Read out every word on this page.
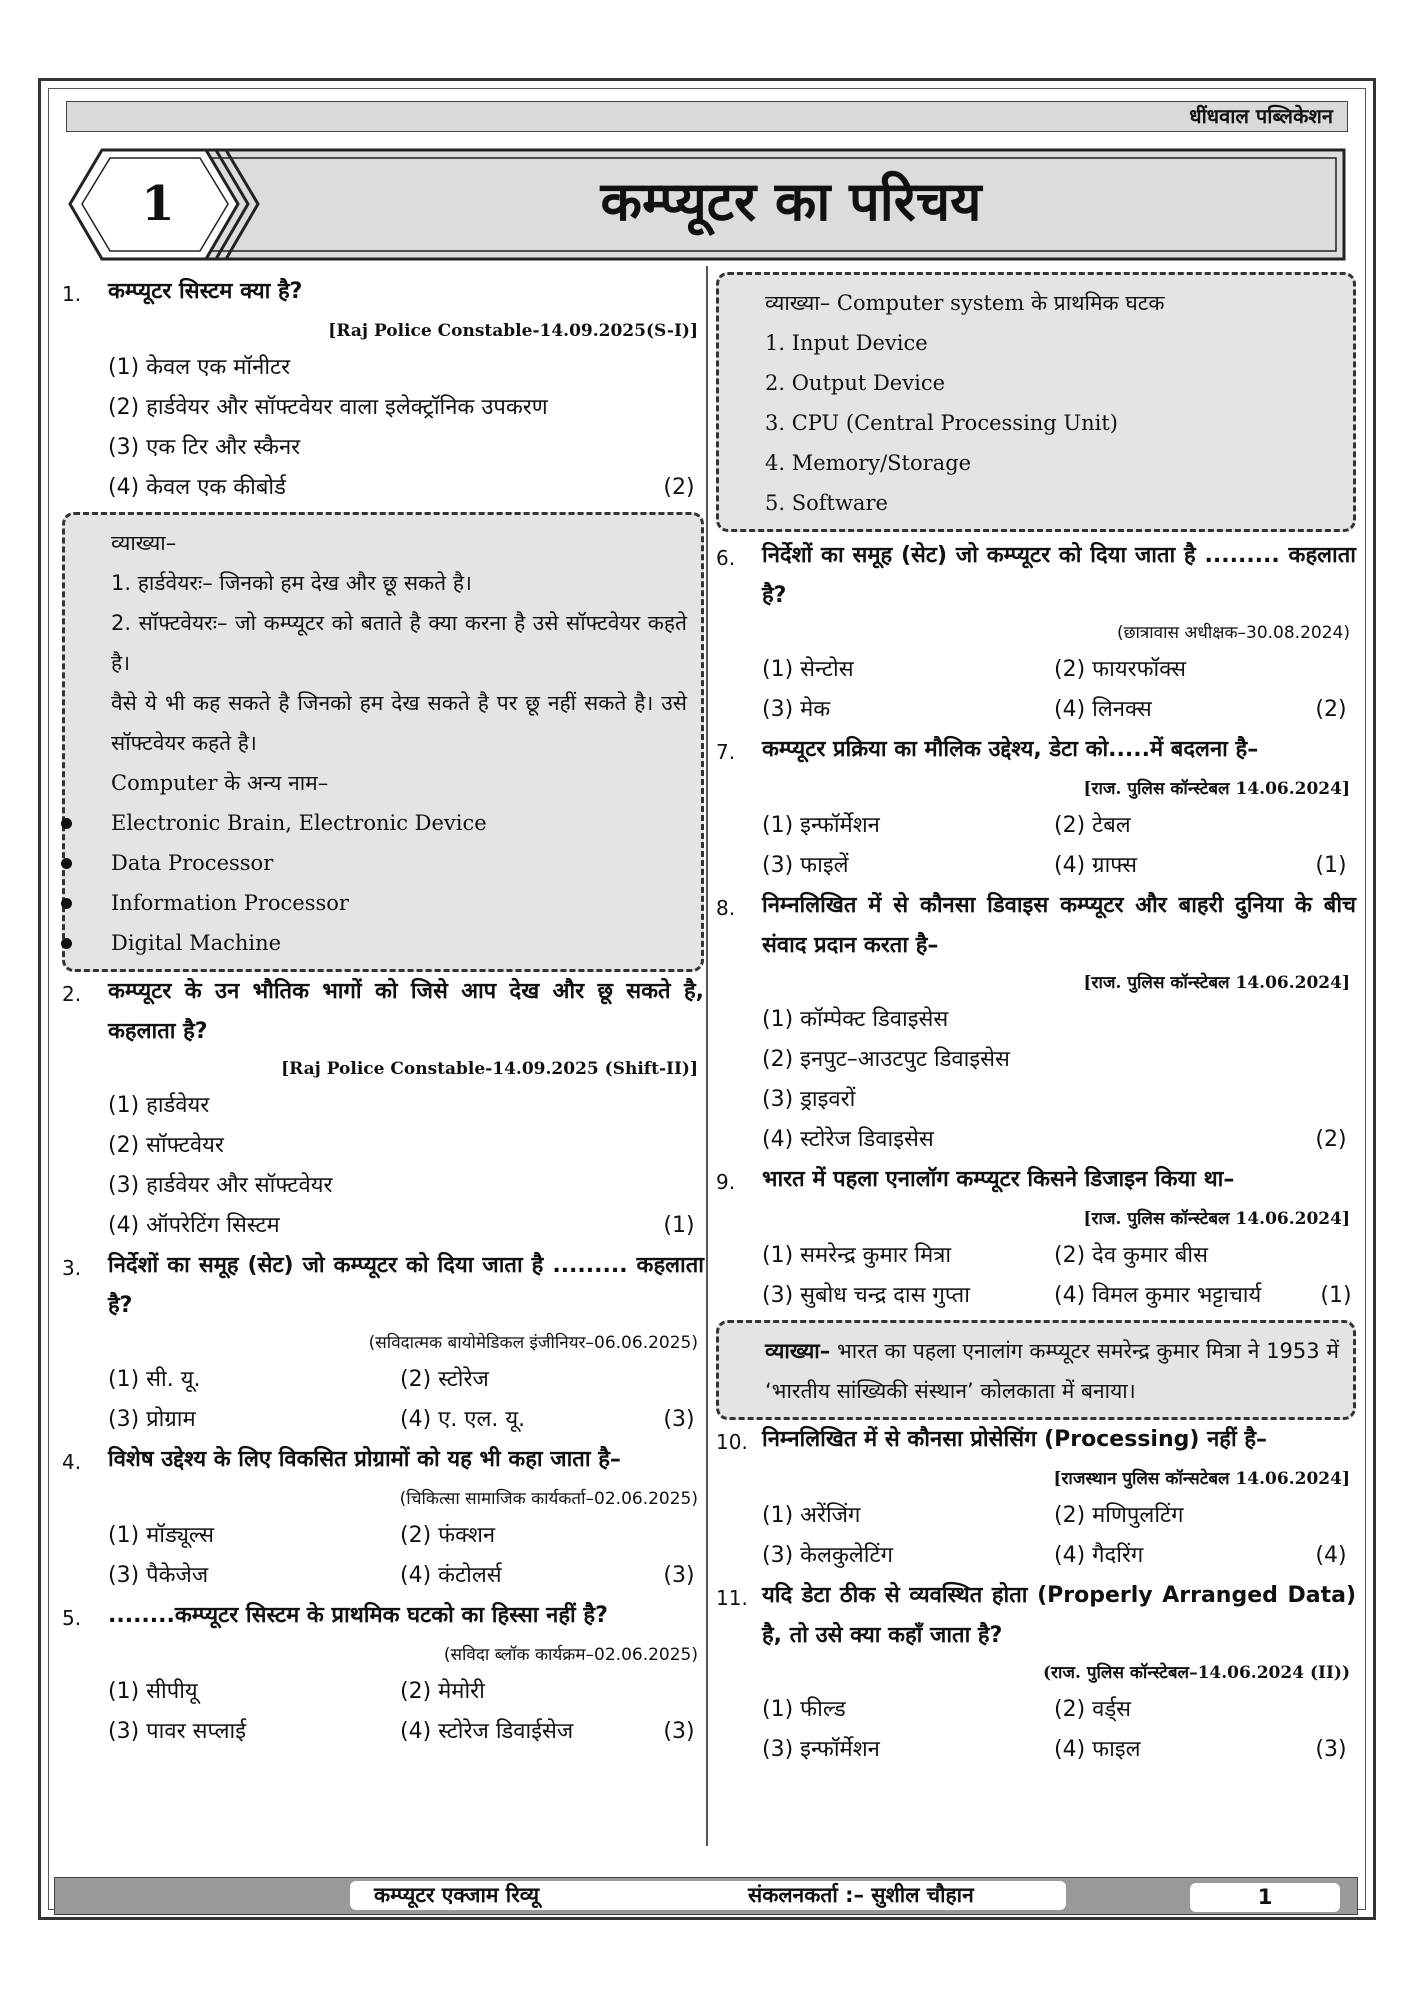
धींधवाल पब्लिकेशन
1	कम्प्यूटर का परिचय
1.	कम्प्यूटर सिस्टम क्या है?
[Raj Police Constable-14.09.2025(S-I)]
(1) केवल एक मॉनीटर
(2) हार्डवेयर और सॉफ्टवेयर वाला इलेक्ट्रॉनिक उपकरण
(3) एक टिर और स्कैनर
(4) केवल एक कीबोर्ड	(2)
व्याख्या–
1. हार्डवेयरः– जिनको हम देख और छू सकते है।
2. सॉफ्टवेयरः– जो कम्प्यूटर को बताते है क्या करना है उसे सॉफ्टवेयर कहते है।
वैसे ये भी कह सकते है जिनको हम देख सकते है पर छू नहीं सकते है। उसे सॉफ्टवेयर कहते है।
Computer के अन्य नाम–
Electronic Brain, Electronic Device
Data Processor
Information Processor
Digital Machine
2.	कम्प्यूटर के उन भौतिक भागों को जिसे आप देख और छू सकते है, कहलाता है?
[Raj Police Constable-14.09.2025 (Shift-II)]
(1) हार्डवेयर
(2) सॉफ्टवेयर
(3) हार्डवेयर और सॉफ्टवेयर
(4) ऑपरेटिंग सिस्टम	(1)
3.	निर्देशों का समूह (सेट) जो कम्प्यूटर को दिया जाता है ......... कहलाता है?
(सविदात्मक बायोमेडिकल इंजीनियर–06.06.2025)
(1) सी. यू.	(2) स्टोरेज
(3) प्रोग्राम	(4) ए. एल. यू.	(3)
4.	विशेष उद्देश्य के लिए विकसित प्रोग्रामों को यह भी कहा जाता है–
(चिकित्सा सामाजिक कार्यकर्ता–02.06.2025)
(1) मॉड्यूल्स	(2) फंक्शन
(3) पैकेजेज	(4) कंटोलर्स	(3)
5.	........कम्प्यूटर सिस्टम के प्राथमिक घटको का हिस्सा नहीं है?
(सविदा ब्लॉक कार्यक्रम–02.06.2025)
(1) सीपीयू	(2) मेमोरी
(3) पावर सप्लाई	(4) स्टोरेज डिवाईसेज	(3)
व्याख्या– Computer system के प्राथमिक घटक
1. Input Device
2. Output Device
3. CPU (Central Processing Unit)
4. Memory/Storage
5. Software
6.	निर्देशों का समूह (सेट) जो कम्प्यूटर को दिया जाता है ......... कहलाता है?
(छात्रावास अधीक्षक–30.08.2024)
(1) सेन्टोस	(2) फायरफॉक्स
(3) मेक	(4) लिनक्स	(2)
7.	कम्प्यूटर प्रक्रिया का मौलिक उद्देश्य, डेटा को.....में बदलना है–
[राज. पुलिस कॉन्स्टेबल 14.06.2024]
(1) इन्फॉर्मेशन	(2) टेबल
(3) फाइलें	(4) ग्राफ्स	(1)
8.	निम्नलिखित में से कौनसा डिवाइस कम्प्यूटर और बाहरी दुनिया के बीच संवाद प्रदान करता है–
[राज. पुलिस कॉन्स्टेबल 14.06.2024]
(1) कॉम्पेक्ट डिवाइसेस
(2) इनपुट–आउटपुट डिवाइसेस
(3) ड्राइवरों
(4) स्टोरेज डिवाइसेस	(2)
9.	भारत में पहला एनालॉग कम्प्यूटर किसने डिजाइन किया था–
[राज. पुलिस कॉन्स्टेबल 14.06.2024]
(1) समरेन्द्र कुमार मित्रा	(2) देव कुमार बीस
(3) सुबोध चन्द्र दास गुप्ता	(4) विमल कुमार भट्टाचार्य	(1)
व्याख्या– भारत का पहला एनालांग कम्प्यूटर समरेन्द्र कुमार मित्रा ने 1953 में ‘भारतीय सांख्यिकी संस्थान’ कोलकाता में बनाया।
10. निम्नलिखित में से कौनसा प्रोसेसिंग (Processing) नहीं है–
[राजस्थान पुलिस कॉन्सटेबल 14.06.2024]
(1) अरेंजिंग	(2) मणिपुलटिंग
(3) केलकुलेटिंग	(4) गैदरिंग	(4)
11. यदि डेटा ठीक से व्यवस्थित होता (Properly Arranged Data) है, तो उसे क्या कहाँ जाता है?
(राज. पुलिस कॉन्स्टेबल–14.06.2024 (II))
(1) फील्ड	(2) वर्ड्स
(3) इन्फॉर्मेशन	(4) फाइल	(3)
कम्प्यूटर एक्जाम रिव्यू	संकलनकर्ता :– सुशील चौहान	1
